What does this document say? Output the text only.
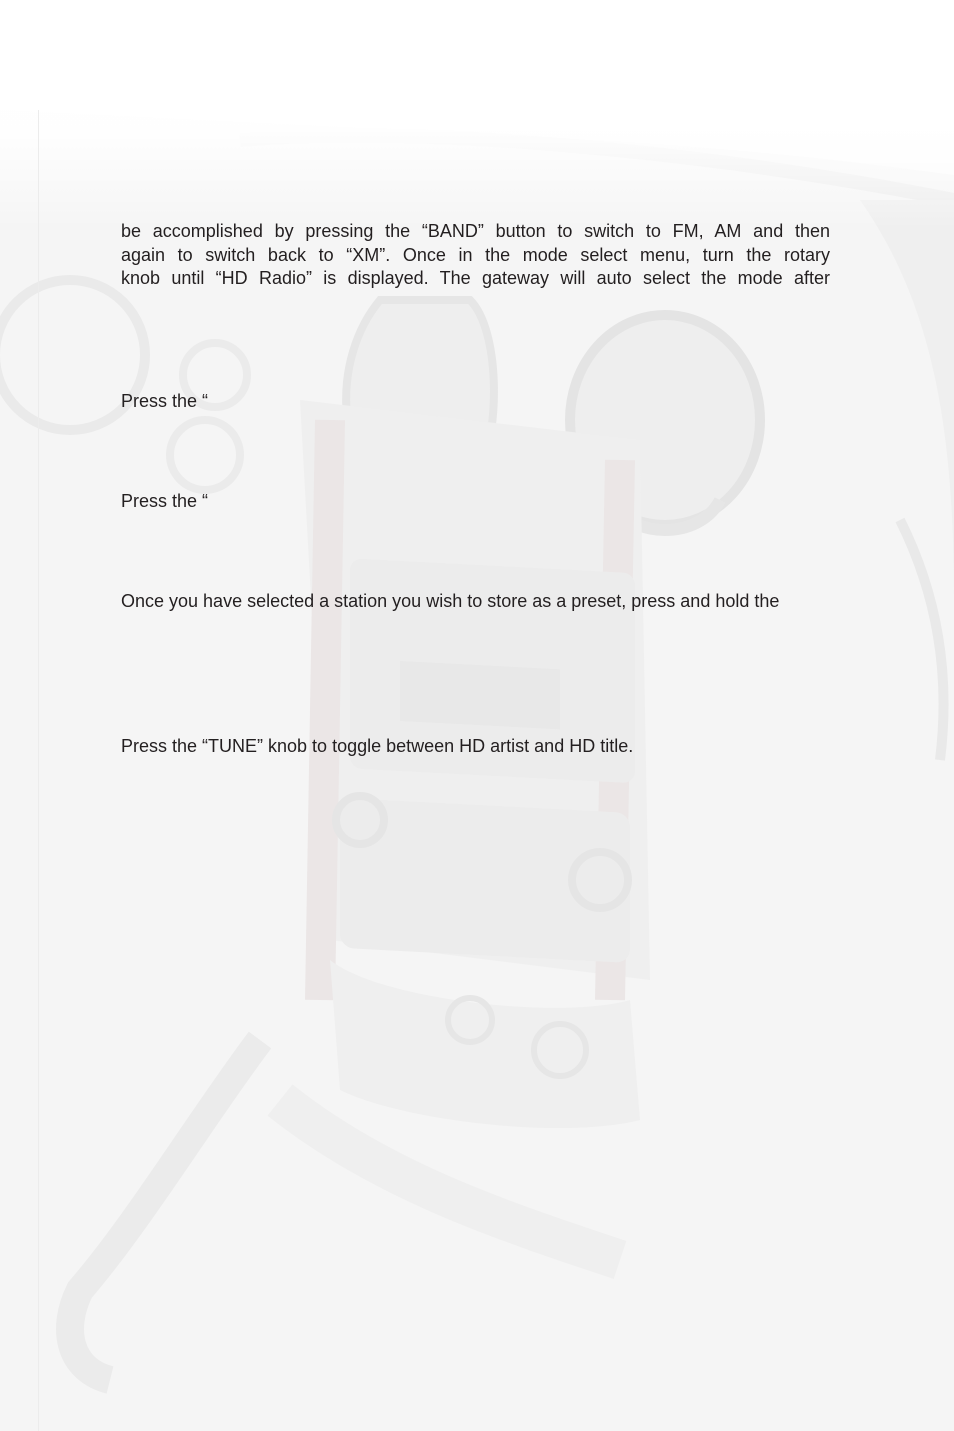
be accomplished by pressing the “BAND” button to switch to FM, AM and then
again to switch back to “XM”. Once in the mode select menu, turn the rotary
knob until “HD Radio” is displayed. The gateway will auto select the mode after

Press the “

Press the “

Once you have selected a station you wish to store as a preset, press and hold the

Press the “TUNE” knob to toggle between HD artist and HD title.
